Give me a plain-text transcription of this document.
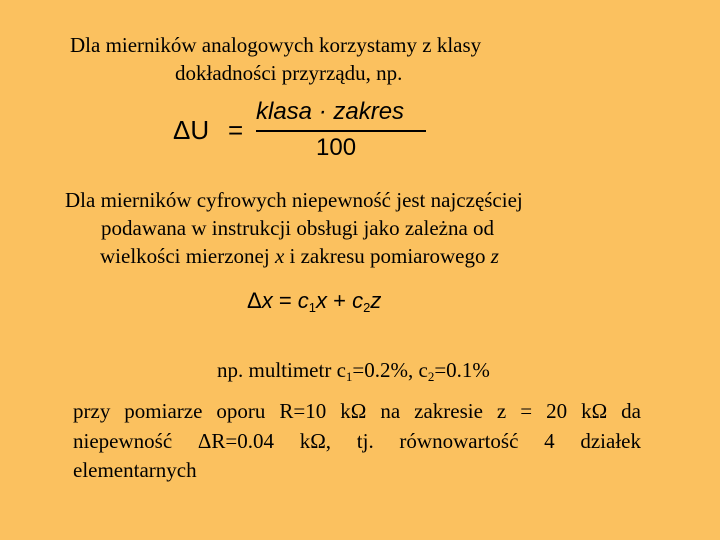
Dla mierników analogowych korzystamy z klasy
dokładności przyrządu, np.
ΔU =
klasa · zakres
100
Dla mierników cyfrowych niepewność jest najczęściej
podawana w instrukcji obsługi jako zależna od
wielkości mierzonej x i zakresu pomiarowego z
$\Delta x = c_1x + c_2z$
np. multimetr $c_1=0.2\%$, $c_2=0.1\%$
przy pomiarze oporu R=10 kΩ na zakresie z = 20 kΩ da
niepewność ΔR=0.04 kΩ, tj. równowartość 4 działek
elementarnych
